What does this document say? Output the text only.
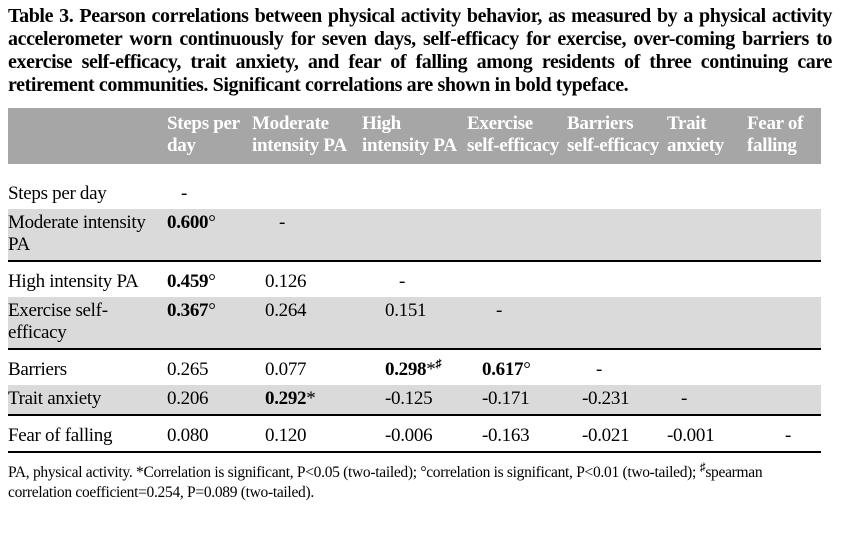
Table 3. Pearson correlations between physical activity behavior, as measured by a physical activity accelerometer worn continuously for seven days, self-efficacy for exercise, over-coming barriers to exercise self-efficacy, trait anxiety, and fear of falling among residents of three continuing care retirement communities. Significant correlations are shown in bold typeface.

	Steps per day	Moderate intensity PA	High intensity PA	Exercise self-efficacy	Barriers self-efficacy	Trait anxiety	Fear of falling

Steps per day	-						
Moderate intensity PA	0.600°	-					
High intensity PA	0.459°	0.126	-				
Exercise self-efficacy	0.367°	0.264	0.151	-			
Barriers	0.265	0.077	0.298*♯	0.617°	-		
Trait anxiety	0.206	0.292*	-0.125	-0.171	-0.231	-	
Fear of falling	0.080	0.120	-0.006	-0.163	-0.021	-0.001	-

PA, physical activity. *Correlation is significant, P<0.05 (two-tailed); °correlation is significant, P<0.01 (two-tailed); ♯spearman correlation coefficient=0.254, P=0.089 (two-tailed).
